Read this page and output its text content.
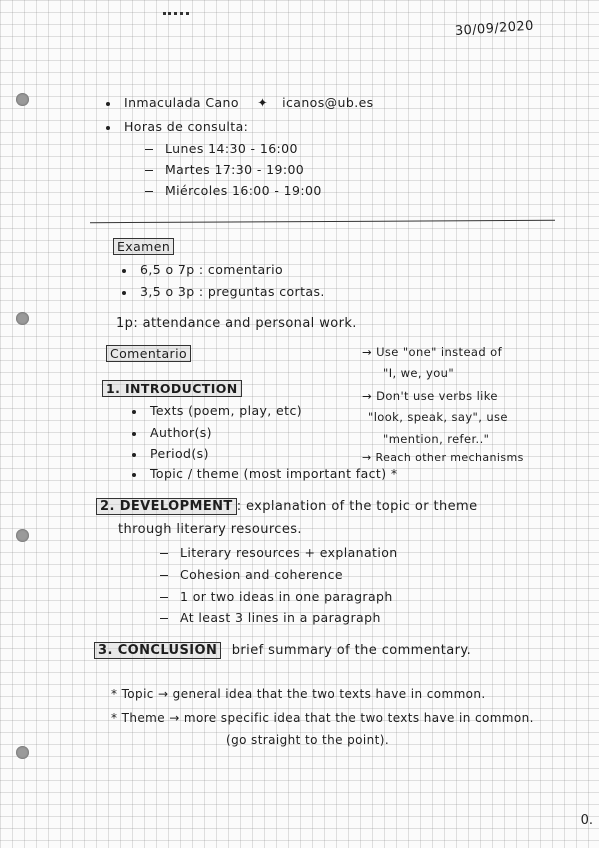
30/09/2020
Inmaculada Cano ✦ icanos@ub.es
Horas de consulta:
Lunes 14:30 - 16:00
Martes 17:30 - 19:00
Miércoles 16:00 - 19:00
Examen
6,5 o 7p : comentario
3,5 o 3p : preguntas cortas.
1p: attendance and personal work.
Comentario	→ Use "one" instead of
"I, we, you"
→ Don't use verbs like
"look, speak, say", use
"mention, refer.."
→ Reach other mechanisms
1. INTRODUCTION
Texts (poem, play, etc)
Author(s)
Period(s)
Topic / theme (most important fact) *
2. DEVELOPMENT : explanation of the topic or theme
through literary resources.
Literary resources + explanation
Cohesion and coherence
1 or two ideas in one paragraph
At least 3 lines in a paragraph
3. CONCLUSION brief summary of the commentary.
* Topic → general idea that the two texts have in common.
* Theme → more specific idea that the two texts have in common.
(go straight to the point).
0.
